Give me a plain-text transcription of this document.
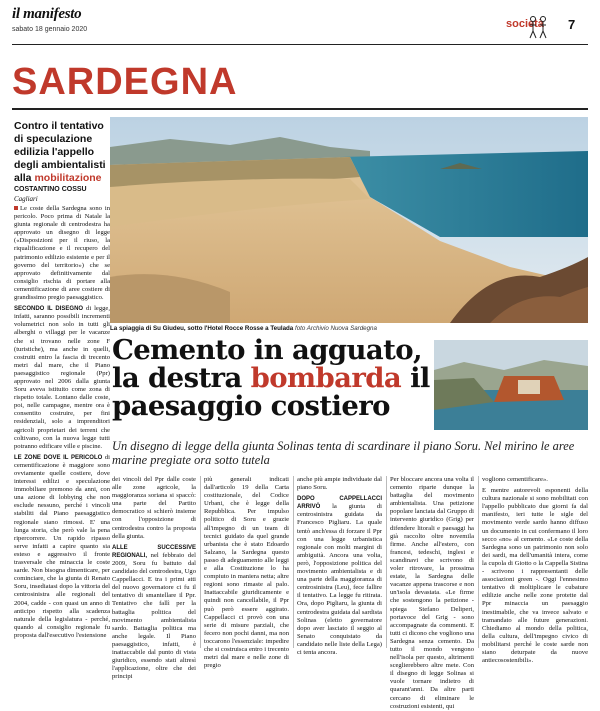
il manifesto
sabato 18 gennaio 2020	società 7
SARDEGNA
Contro il tentativo di speculazione edilizia l'appello degli ambientalisti alla mobilitazione
COSTANTINO COSSU
Cagliari

Le coste della Sardegna sono in pericolo. Poco prima di Natale la giunta regionale di centrodestra ha approvato un disegno di legge («Disposizioni per il riuso, la riqualificazione e il recupero del patrimonio edilizio esistente e per il governo del territorio») che se approvato definitivamente dal consiglio rischia di portare alla cementificazione di aree costiere di grandissimo pregio paesaggistico.

SECONDO IL DISEGNO di legge, infatti, saranno possibili incrementi volumetrici non solo in tutti gli alberghi o villaggi per le vacanze che si trovano nelle zone F (turistiche), ma anche in quelli, costruiti entro la fascia di trecento metri dal mare, che il Piano paesaggistico regionale (Ppr) approvato nel 2006 dalla giunta Soru aveva istituito come zona di rispetto totale. Lontano dalle coste, poi, nelle campagne, mentre ora è consentito costruire, per fini residenziali, solo a imprenditori agricoli proprietari dei terreni che coltivano, con la nuova legge tutti potranno edificare ville e piscine.

LE ZONE DOVE IL PERICOLO di cementificazione è maggiore sono ovviamente quelle costiere, dove interessi edilizi e speculazione immobiliare premono da anni, con una azione di lobbying che non esclude nessuno, perché i vincoli stabiliti dal Piano paesaggistico regionale siano rimossi. E' una lunga storia, che però vale la pena ripercorrere. Un rapido ripasso serve infatti a capire quanto sia esteso e aggressivo il fronte trasversale che minaccia le coste sarde. Non bisogna dimenticare, per cominciare, che la giunta di Renato Soru, insediatasi dopo la vittoria del centrosinistra alle regionali del 2004, cadde - con quasi un anno di anticipo rispetto alla scadenza naturale della legislatura - perché, quando al consiglio regionale fu proposta dall'esecutivo l'estensione

La spiaggia di Su Giudeu, sotto l'Hotel Rocce Rosse a Teulada foto Archivio Nuova Sardegna
Cemento in agguato, la destra bombarda il paesaggio costiero
Un disegno di legge della giunta Solinas tenta di scardinare il piano Soru. Nel mirino le aree marine pregiate ora sotto tutela

dei vincoli del Ppr dalle coste alle zone agricole, la maggioranza soriana si spaccò: una parte del Partito democratico si schierò insieme con l'opposizione di centrodestra contro la proposta della giunta.

ALLE SUCCESSIVE REGIONALI, nel febbraio del 2009, Soru fu battuto dal candidato del centrodestra, Ugo Cappellacci. E tra i primi atti del nuovo governatore ci fu il tentativo di smantellare il Ppr. Tentativo che fallì per la battaglia politica del movimento ambientalista sardo. Battaglia politica ma anche legale. Il Piano paesaggistico, infatti, è inattaccabile dal punto di vista giuridico, essendo stati altresì l'applicazione, oltre che dei principi

più generali indicati dall'articolo 19 della Carta costituzionale, del Codice Urbani, che è legge della Repubblica. Per impulso politico di Soru e grazie all'impegno di un team di tecnici guidato da quel grande urbanista che è stato Edoardo Salzano, la Sardegna questo passo di adeguamento alle leggi e alla Costituzione lo ha compiuto in maniera netta; altre regioni sono rimaste al palo. Inattaccabile giuridicamente e quindi non cancellabile, il Ppr può però essere aggirato. Cappellacci ci provò con una serie di misure parziali, che fecero non pochi danni, ma non toccarono l'essenziale: impedire che si costruisca entro i trecento metri dal mare e nelle zone di pregio

anche più ampie individuate dal piano Soru.

DOPO CAPPELLACCI ARRIVÒ la giunta di centrosinistra guidata da Francesco Pigliaru. La quale tentò anch'essa di forzare il Ppr con una legge urbanistica regionale con molti margini di ambiguità. Ancora una volta, però, l'opposizione politica del movimento ambientalista e di una parte della maggioranza di centrosinistra (Leu), fece fallire il tentativo. La legge fu ritirata. Ora, dopo Pigliaru, la giunta di centrodestra guidata dal sardista Solinas (eletto governatore dopo aver lasciato il seggio al Senato conquistato da candidato nelle liste della Lega) ci tenta ancora.

Per bloccare ancora una volta il cemento ripartе dunque la battaglia del movimento ambientalista. Una petizione popolare lanciata dal Gruppo di intervento giuridico (Grig) per difendere litorali e paesaggi ha già raccolto oltre novemila firme. Anche all'estero, con francesi, tedeschi, inglesi e scandinavi che scrivono di voler ritrovare, la prossima estate, la Sardegna delle vacanze appena trascorse e non un'isola devastata. «Le firme che sostengono la petizione - spiega Stefano Deliperi, portavoce del Grig - sono accompagnate da commenti. E tutti ci dicono che vogliono una Sardegna senza cemento. Da tutto il mondo vengono nell'isola per questo, altrimenti sceglierebbero altre mete. Con il disegno di legge Solinas si vuole tornare indietro di quarant'anni. Da altre parti cercano di eliminare le costruzioni esistenti, qui

vogliono cementificare».

E mentre autorevoli esponenti della cultura nazionale si sono mobilitati con l'appello pubblicato due giorni fa dal manifesto, ieri tutte le sigle del movimento verde sardo hanno diffuso un documento in cui confermano il loro secco «no» al cemento. «Le coste della Sardegna sono un patrimonio non solo dei sardi, ma dell'umanità intera, come la cupola di Giotto o la Cappella Sistina - scrivono i rappresentanti delle associazioni green -. Oggi l'ennesimo tentativo di moltiplicare le cubature edilizie anche nelle zone protette dal Ppr minaccia un paesaggio inestimabile, che va invece salvato e tramandato alle future generazioni. Chiediamo al mondo della politica, della cultura, dell'impegno civico di mobilitarsi perché le coste sarde non siano deturpate da nuove antiecosostenibili».
